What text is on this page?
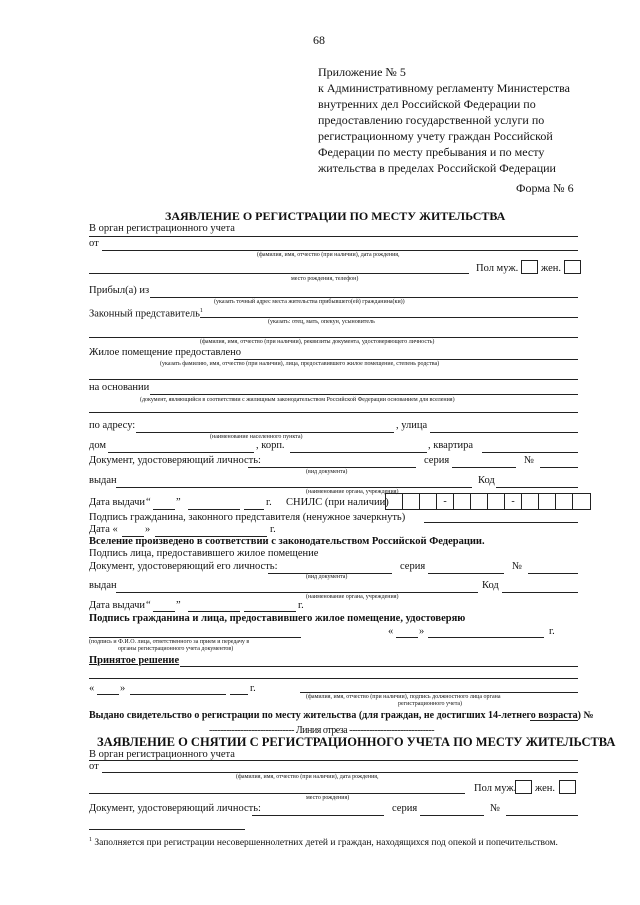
68
Приложение № 5
к Административному регламенту Министерства
внутренних дел Российской Федерации по
предоставлению государственной услуги по
регистрационному учету граждан Российской
Федерации по месту пребывания и по месту
жительства в пределах Российской Федерации
Форма № 6
ЗАЯВЛЕНИЕ О РЕГИСТРАЦИИ ПО МЕСТУ ЖИТЕЛЬСТВА
В орган регистрационного учета
от
(фамилия, имя, отчество (при наличии), дата рождения,
Пол муж. жен.
место рождения, телефон)
Прибыл(а) из
(указать точный адрес места жительства прибывшего(ей) гражданина(ки))
Законный представитель$^1$
(указать: отец, мать, опекун, усыновитель
(фамилия, имя, отчество (при наличии), реквизиты документа, удостоверяющего личность)
Жилое помещение предоставлено
(указать фамилию, имя, отчество (при наличии), лица, предоставившего жилое помещение, степень родства)
на основании
(документ, являющийся в соответствии с жилищным законодательством Российской Федерации основанием для вселения)
по адресу:	, улица
(наименование населенного пункта)
дом	, корп.	, квартира
Документ, удостоверяющий личность:	серия	№
(вид документа)
выдан	Код
(наименование органа, учреждения)
Дата выдачи “ ”	г. СНИЛС (при наличии)	-	-
Подпись гражданина, законного представителя (ненужное зачеркнуть)
Дата «	»	г.
Вселение произведено в соответствии с законодательством Российской Федерации.
Подпись лица, предоставившего жилое помещение
Документ, удостоверяющий его личность:	серия	№
(вид документа)
выдан	Код
(наименование органа, учреждения)
Дата выдачи “ ”	г.
Подпись гражданина и лица, предоставившего жилое помещение, удостоверяю
« »	г.
(подпись и Ф.И.О. лица, ответственного за прием и передачу в
органы регистрационного учета документов)
Принятое решение
« »	г.
(фамилия, имя, отчество (при наличии), подпись должностного лица органа
регистрационного учета)
Выдано свидетельство о регистрации по месту жительства (для граждан, не достигших 14-летнего возраста) №
------------------------------ Линия отреза ------------------------------
ЗАЯВЛЕНИЕ О СНЯТИИ С РЕГИСТРАЦИОННОГО УЧЕТА ПО МЕСТУ ЖИТЕЛЬСТВА
В орган регистрационного учета
от
(фамилия, имя, отчество (при наличии), дата рождения,
Пол муж. жен.
место рождения)
Документ, удостоверяющий личность:	серия	№
$^1$ Заполняется при регистрации несовершеннолетних детей и граждан, находящихся под опекой и попечительством.
